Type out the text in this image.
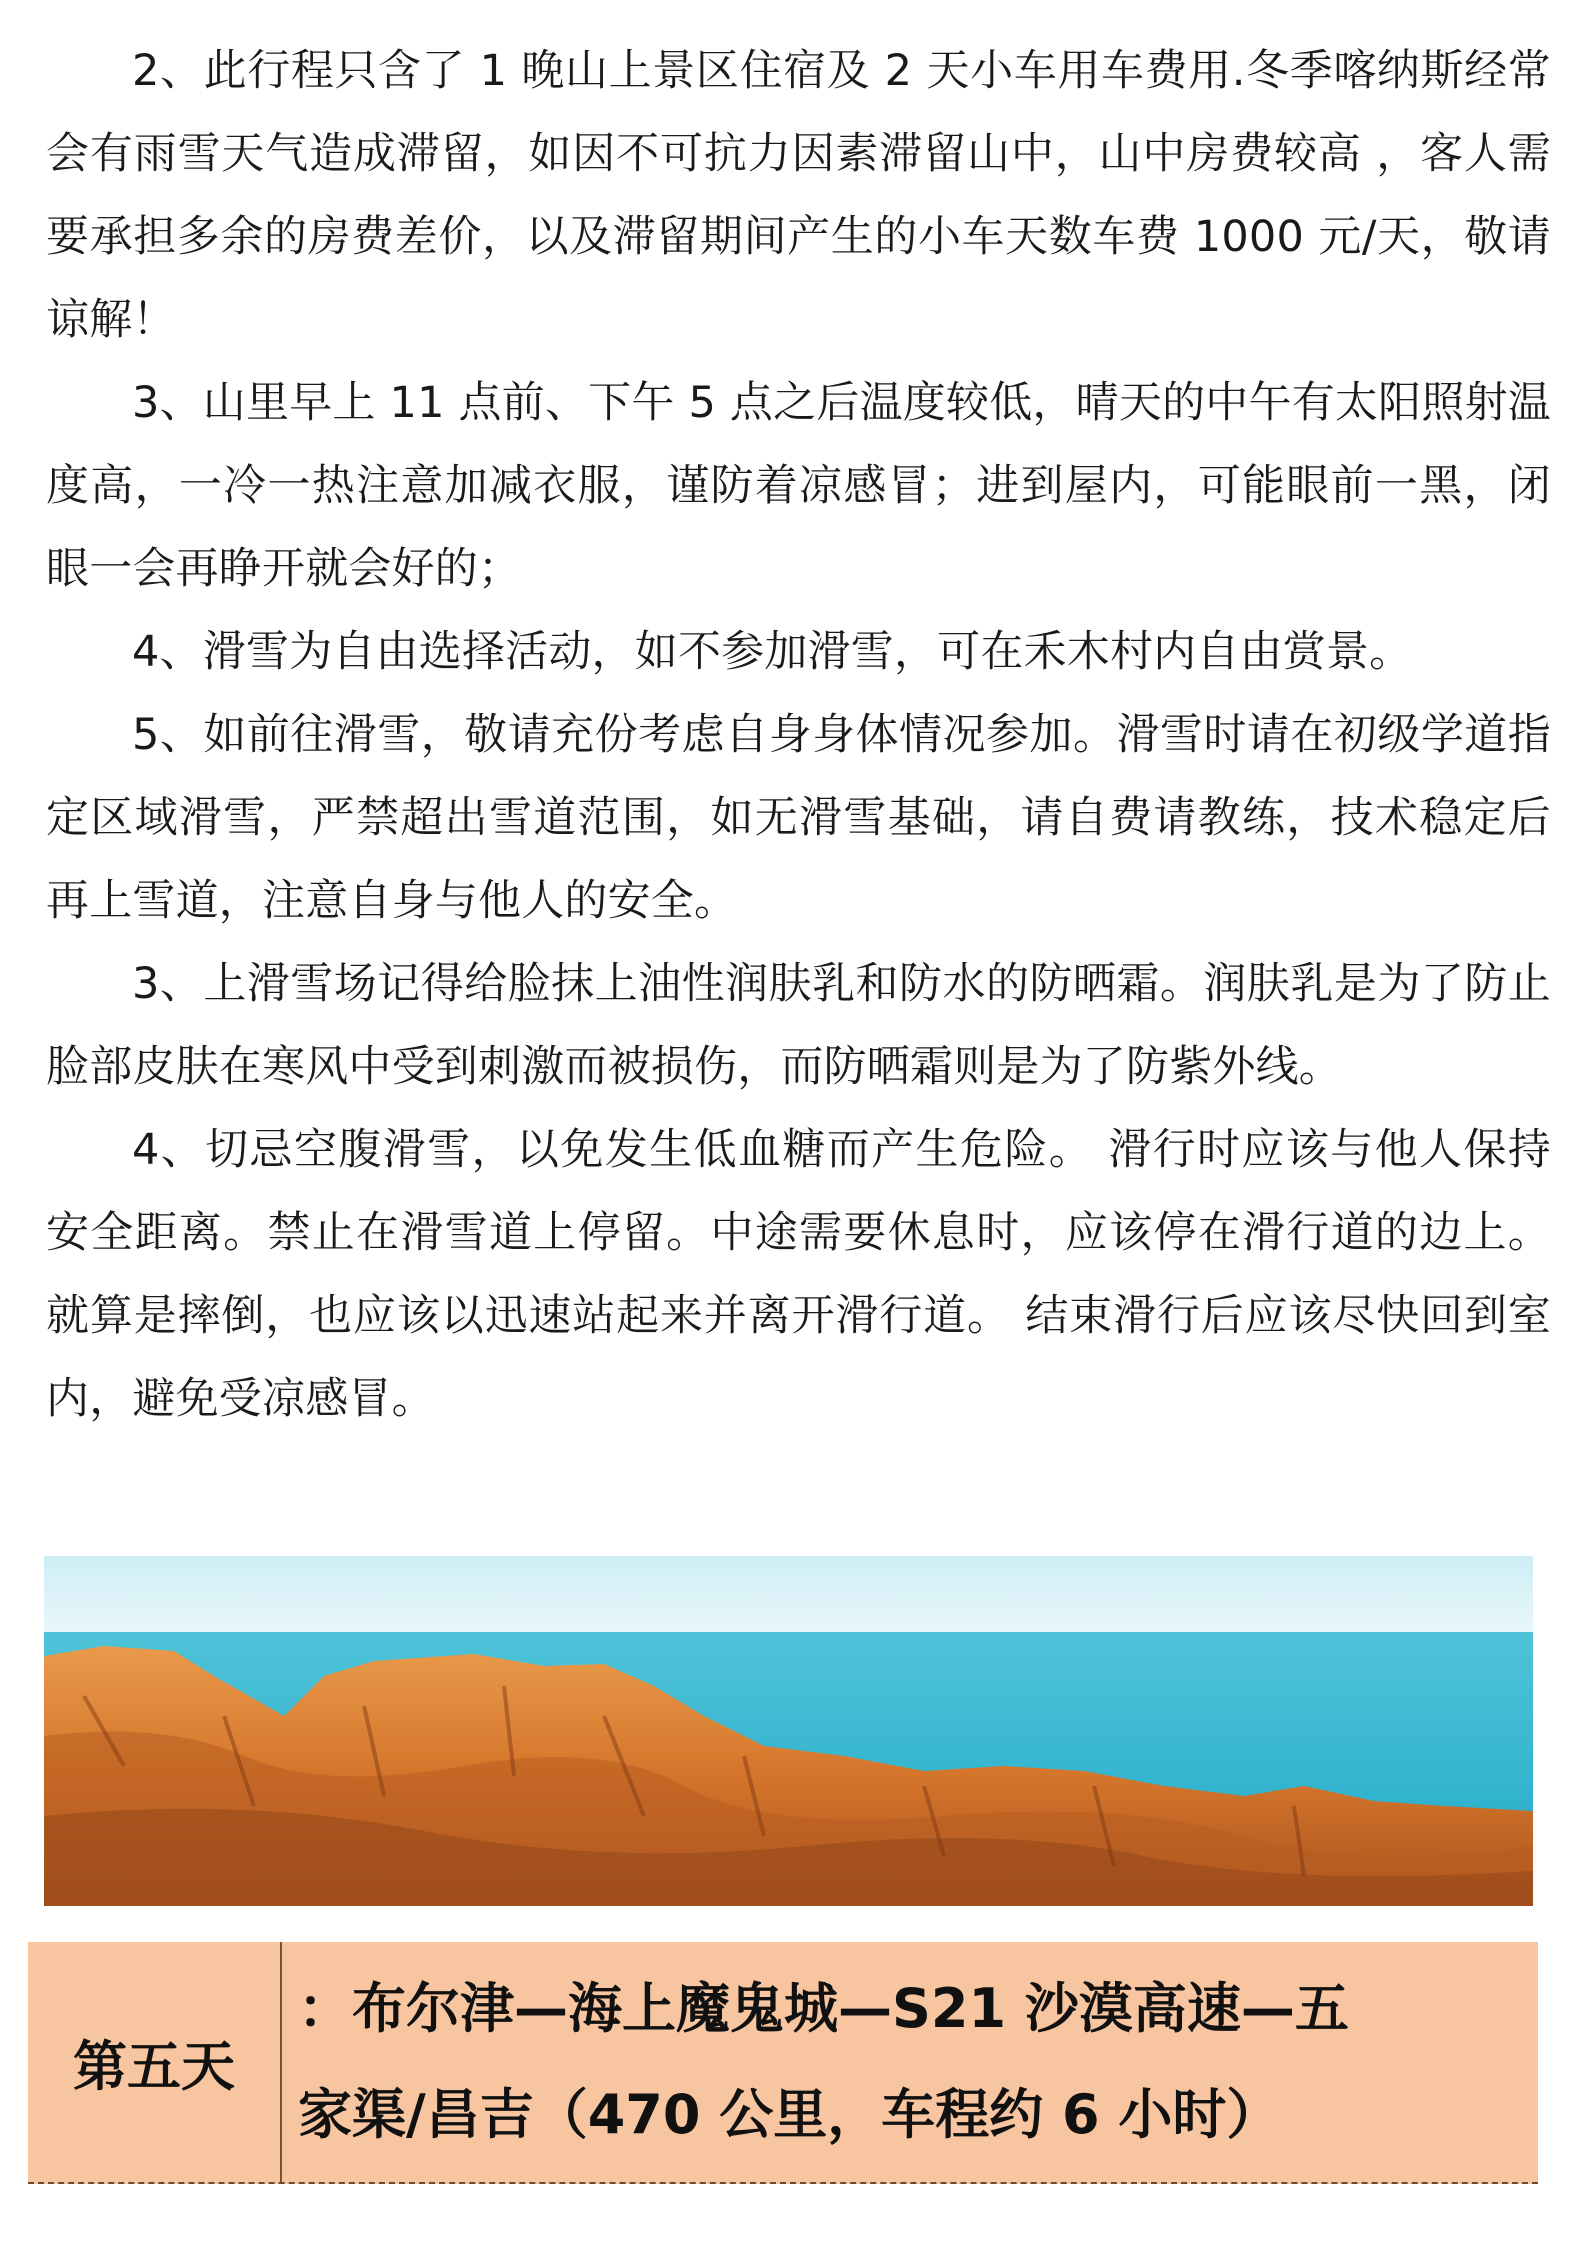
2、此行程只含了 1 晚山上景区住宿及 2 天小车用车费用.冬季喀纳斯经常会有雨雪天气造成滞留，如因不可抗力因素滞留山中，山中房费较高 ，客人需要承担多余的房费差价，以及滞留期间产生的小车天数车费 1000 元/天，敬请谅解！

3、山里早上 11 点前、下午 5 点之后温度较低，晴天的中午有太阳照射温度高，一冷一热注意加减衣服，谨防着凉感冒；进到屋内，可能眼前一黑，闭眼一会再睁开就会好的；

4、滑雪为自由选择活动，如不参加滑雪，可在禾木村内自由赏景。

5、如前往滑雪，敬请充份考虑自身身体情况参加。滑雪时请在初级学道指定区域滑雪，严禁超出雪道范围，如无滑雪基础，请自费请教练，技术稳定后再上雪道，注意自身与他人的安全。

3、上滑雪场记得给脸抹上油性润肤乳和防水的防晒霜。润肤乳是为了防止脸部皮肤在寒风中受到刺激而被损伤，而防晒霜则是为了防紫外线。

4、切忌空腹滑雪，以免发生低血糖而产生危险。 滑行时应该与他人保持安全距离。禁止在滑雪道上停留。中途需要休息时，应该停在滑行道的边上。就算是摔倒，也应该以迅速站起来并离开滑行道。 结束滑行后应该尽快回到室内，避免受凉感冒。

第五天
：布尔津—海上魔鬼城—S21 沙漠高速—五
家渠/昌吉（470 公里，车程约 6 小时）
